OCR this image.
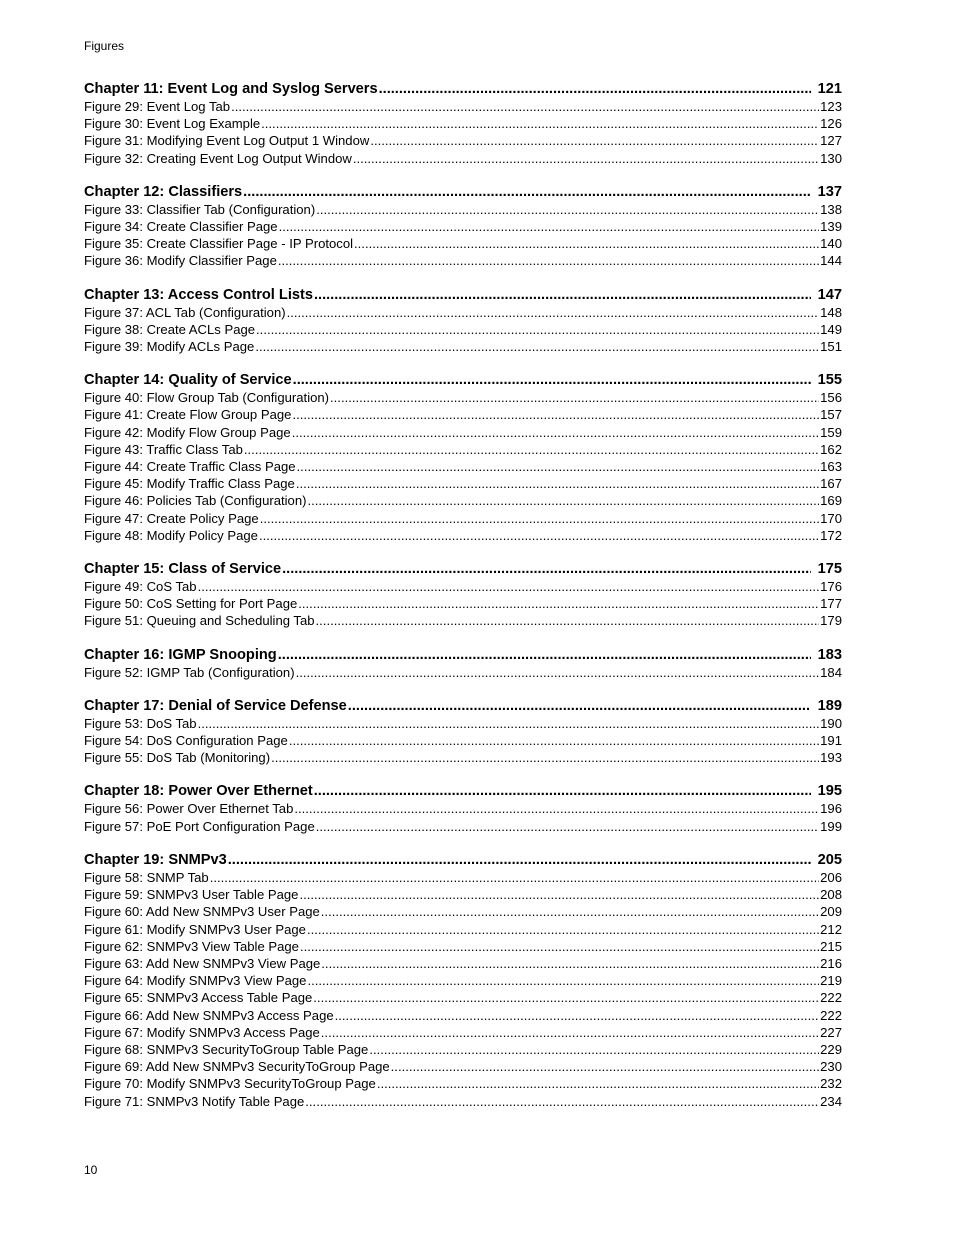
Figures
Chapter 11: Event Log and Syslog Servers .....	121
Figure 29: Event Log Tab .....	123
Figure 30: Event Log Example .....	126
Figure 31: Modifying Event Log Output 1 Window .....	127
Figure 32: Creating Event Log Output Window .....	130
Chapter 12: Classifiers .....	137
Figure 33: Classifier Tab (Configuration) .....	138
Figure 34: Create Classifier Page .....	139
Figure 35: Create Classifier Page - IP Protocol .....	140
Figure 36: Modify Classifier Page .....	144
Chapter 13: Access Control Lists .....	147
Figure 37: ACL Tab (Configuration) .....	148
Figure 38: Create ACLs Page .....	149
Figure 39: Modify ACLs Page .....	151
Chapter 14: Quality of Service .....	155
Figure 40: Flow Group Tab (Configuration) .....	156
Figure 41: Create Flow Group Page .....	157
Figure 42: Modify Flow Group Page .....	159
Figure 43: Traffic Class Tab .....	162
Figure 44: Create Traffic Class Page .....	163
Figure 45: Modify Traffic Class Page .....	167
Figure 46: Policies Tab (Configuration) .....	169
Figure 47: Create Policy Page .....	170
Figure 48: Modify Policy Page .....	172
Chapter 15: Class of Service .....	175
Figure 49: CoS Tab .....	176
Figure 50: CoS Setting for Port Page .....	177
Figure 51: Queuing and Scheduling Tab .....	179
Chapter 16: IGMP Snooping .....	183
Figure 52: IGMP Tab (Configuration) .....	184
Chapter 17: Denial of Service Defense .....	189
Figure 53: DoS Tab .....	190
Figure 54: DoS Configuration Page .....	191
Figure 55: DoS Tab (Monitoring) .....	193
Chapter 18: Power Over Ethernet .....	195
Figure 56: Power Over Ethernet Tab .....	196
Figure 57: PoE Port Configuration Page .....	199
Chapter 19: SNMPv3 .....	205
Figure 58: SNMP Tab .....	206
Figure 59: SNMPv3 User Table Page .....	208
Figure 60: Add New SNMPv3 User Page .....	209
Figure 61: Modify SNMPv3 User Page .....	212
Figure 62: SNMPv3 View Table Page .....	215
Figure 63: Add New SNMPv3 View Page .....	216
Figure 64: Modify SNMPv3 View Page .....	219
Figure 65: SNMPv3 Access Table Page .....	222
Figure 66: Add New SNMPv3 Access Page .....	222
Figure 67: Modify SNMPv3 Access Page .....	227
Figure 68: SNMPv3 SecurityToGroup Table Page .....	229
Figure 69: Add New SNMPv3 SecurityToGroup Page .....	230
Figure 70: Modify SNMPv3 SecurityToGroup Page .....	232
Figure 71: SNMPv3 Notify Table Page .....	234
10
